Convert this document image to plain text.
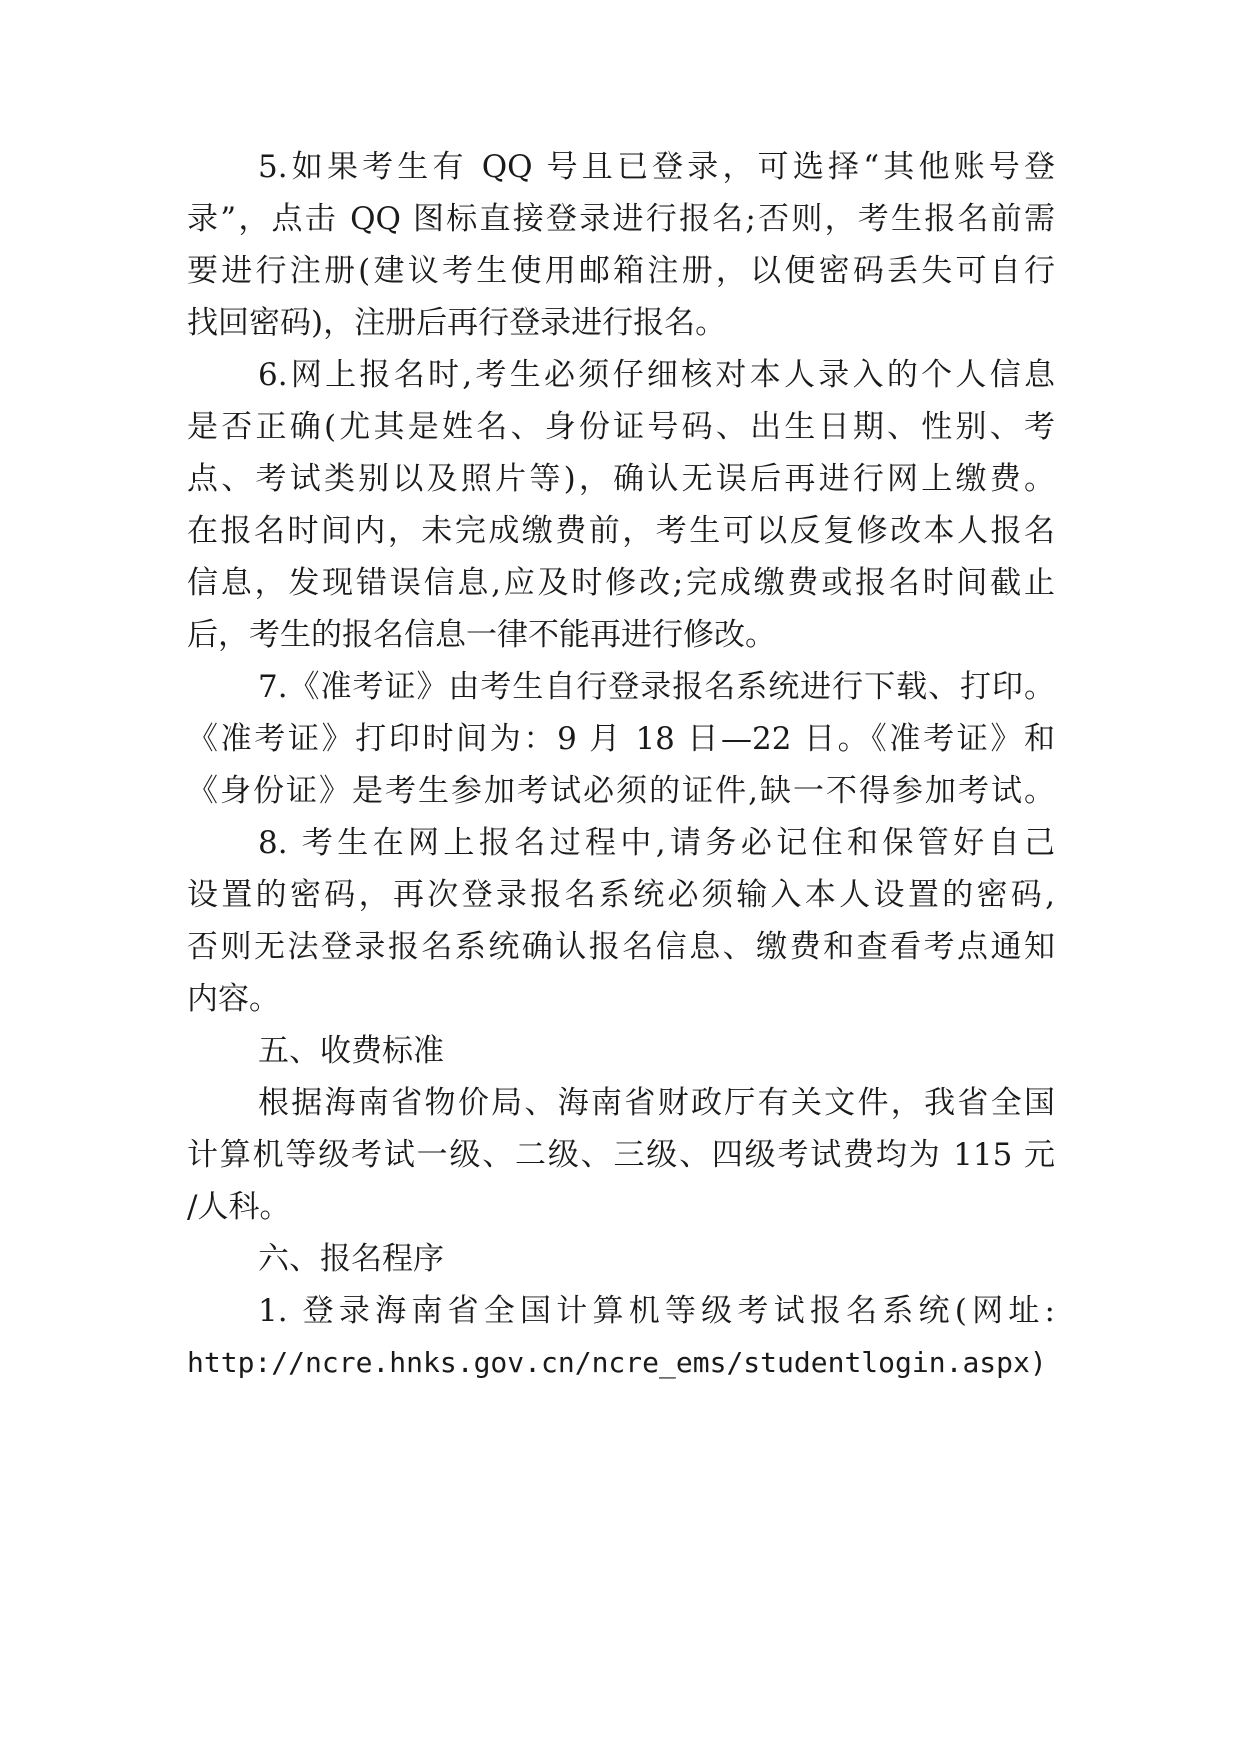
5.如果考生有 QQ 号且已登录，可选择“其他账号登
录”，点击 QQ 图标直接登录进行报名;否则，考生报名前需
要进行注册(建议考生使用邮箱注册，以便密码丢失可自行
找回密码)，注册后再行登录进行报名。
6.网上报名时,考生必须仔细核对本人录入的个人信息
是否正确(尤其是姓名、身份证号码、出生日期、性别、考
点、考试类别以及照片等)，确认无误后再进行网上缴费。
在报名时间内，未完成缴费前，考生可以反复修改本人报名
信息，发现错误信息,应及时修改;完成缴费或报名时间截止
后，考生的报名信息一律不能再进行修改。
7.《准考证》由考生自行登录报名系统进行下载、打印。
《准考证》打印时间为：9 月 18 日—22 日。《准考证》和
《身份证》是考生参加考试必须的证件,缺一不得参加考试。
8. 考生在网上报名过程中,请务必记住和保管好自己
设置的密码，再次登录报名系统必须输入本人设置的密码,
否则无法登录报名系统确认报名信息、缴费和查看考点通知
内容。
五、收费标准
根据海南省物价局、海南省财政厅有关文件，我省全国
计算机等级考试一级、二级、三级、四级考试费均为 115 元
/人科。
六、报名程序
1. 登录海南省全国计算机等级考试报名系统(网址:
http://ncre.hnks.gov.cn/ncre_ems/studentlogin.aspx)
